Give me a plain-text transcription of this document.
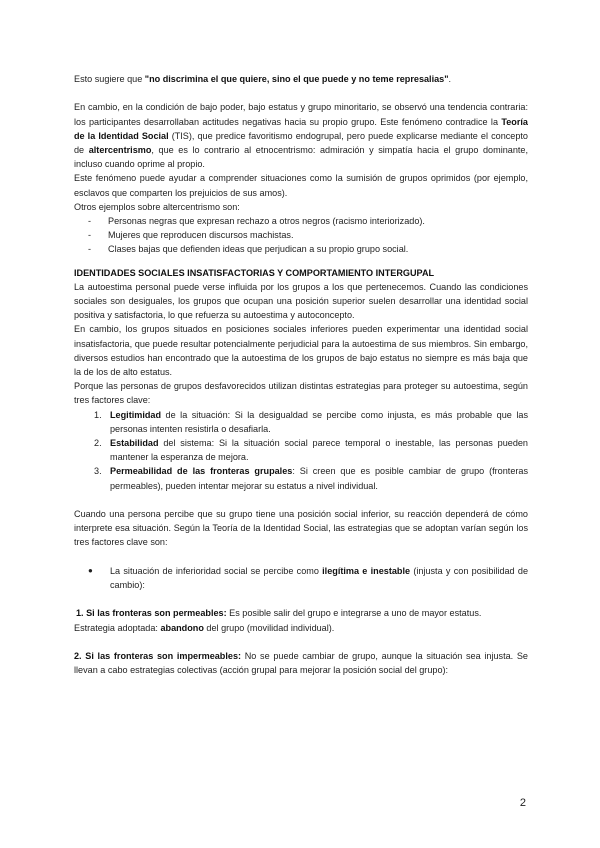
Esto sugiere que "no discrimina el que quiere, sino el que puede y no teme represalias".

En cambio, en la condición de bajo poder, bajo estatus y grupo minoritario, se observó una tendencia contraria: los participantes desarrollaban actitudes negativas hacia su propio grupo. Este fenómeno contradice la Teoría de la Identidad Social (TIS), que predice favoritismo endogrupal, pero puede explicarse mediante el concepto de altercentrismo, que es lo contrario al etnocentrismo: admiración y simpatía hacia el grupo dominante, incluso cuando oprime al propio.

Este fenómeno puede ayudar a comprender situaciones como la sumisión de grupos oprimidos (por ejemplo, esclavos que comparten los prejuicios de sus amos).

Otros ejemplos sobre altercentrismo son:

- Personas negras que expresan rechazo a otros negros (racismo interiorizado).
- Mujeres que reproducen discursos machistas.
- Clases bajas que defienden ideas que perjudican a su propio grupo social.

IDENTIDADES SOCIALES INSATISFACTORIAS Y COMPORTAMIENTO INTERGUPAL

La autoestima personal puede verse influida por los grupos a los que pertenecemos. Cuando las condiciones sociales son desiguales, los grupos que ocupan una posición superior suelen desarrollar una identidad social positiva y satisfactoria, lo que refuerza su autoestima y autoconcepto.

En cambio, los grupos situados en posiciones sociales inferiores pueden experimentar una identidad social insatisfactoria, que puede resultar potencialmente perjudicial para la autoestima de sus miembros. Sin embargo, diversos estudios han encontrado que la autoestima de los grupos de bajo estatus no siempre es más baja que la de los de alto estatus.

Porque las personas de grupos desfavorecidos utilizan distintas estrategias para proteger su autoestima, según tres factores clave:

Legitimidad de la situación: Si la desigualdad se percibe como injusta, es más probable que las personas intenten resistirla o desafiarla.
Estabilidad del sistema: Si la situación social parece temporal o inestable, las personas pueden mantener la esperanza de mejora.
Permeabilidad de las fronteras grupales: Si creen que es posible cambiar de grupo (fronteras permeables), pueden intentar mejorar su estatus a nivel individual.

Cuando una persona percibe que su grupo tiene una posición social inferior, su reacción dependerá de cómo interprete esa situación. Según la Teoría de la Identidad Social, las estrategias que se adoptan varían según los tres factores clave son:

● La situación de inferioridad social se percibe como ilegítima e inestable (injusta y con posibilidad de cambio):

1. Si las fronteras son permeables: Es posible salir del grupo e integrarse a uno de mayor estatus.

Estrategia adoptada: abandono del grupo (movilidad individual).

2. Si las fronteras son impermeables: No se puede cambiar de grupo, aunque la situación sea injusta. Se llevan a cabo estrategias colectivas (acción grupal para mejorar la posición social del grupo):

2
